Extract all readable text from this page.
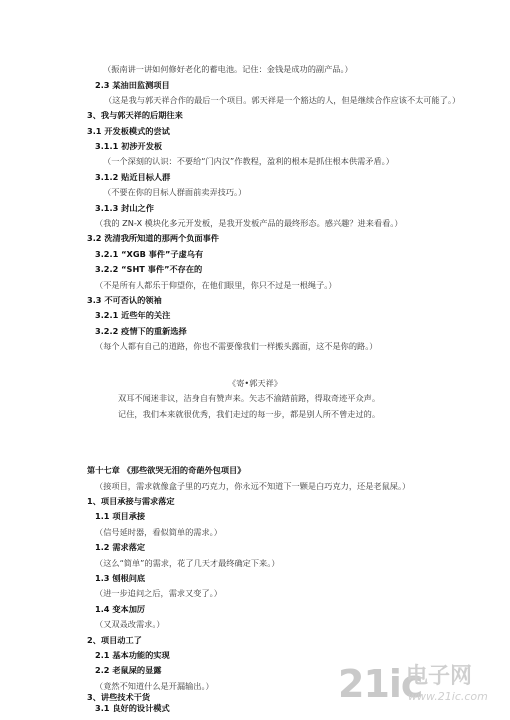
（振南讲一讲如何修好老化的蓄电池。记住：金钱是成功的副产品。）
2.3 某油田监测项目
（这是我与郭天祥合作的最后一个项目。郭天祥是一个豁达的人，但是继续合作应该不太可能了。）
3、我与郭天祥的后期往来
3.1 开发板模式的尝试
3.1.1 初涉开发板
（一个深刻的认识：不要给“门内汉”作教程，盈利的根本是抓住根本供需矛盾。）
3.1.2 贴近目标人群
（不要在你的目标人群面前卖弄技巧。）
3.1.3 封山之作
（我的 ZN-X 模块化多元开发板，是我开发板产品的最终形态。感兴趣？进来看看。）
3.2 洗清我所知道的那两个负面事件
3.2.1 “XGB 事件”子虚乌有
3.2.2 “SHT 事件”不存在的
（不是所有人都乐于仰望你，在他们眼里，你只不过是一根绳子。）
3.3 不可否认的领袖
3.2.1 近些年的关注
3.2.2 疫情下的重新选择
（每个人都有自己的道路，你也不需要像我们一样搬头露面，这不是你的路。）
《寄•郭天祥》
双耳不闻迷非议，洁身自有赞声来。矢志不渝踏前路，得取奇迹平众声。
记住，我们本来就很优秀，我们走过的每一步，都是别人所不曾走过的。
第十七章 《那些欲哭无泪的奇葩外包项目》
（接项目，需求就像盒子里的巧克力，你永远不知道下一颗是白巧克力，还是老鼠屎。）
1、项目承接与需求落定
1.1 项目承接
（信号延时器，看似简单的需求。）
1.2 需求落定
（这么“简单”的需求，花了几天才最终确定下来。）
1.3 刨根问底
（进一步追问之后，需求又变了。）
1.4 变本加厉
（又双叒改需求。）
2、项目动工了
2.1 基本功能的实现
2.2 老鼠屎的显露
（竟然不知道什么是开漏输出。）
3、讲些技术干货
3.1 良好的设计模式
21ic
电子网
www.21ic.com
